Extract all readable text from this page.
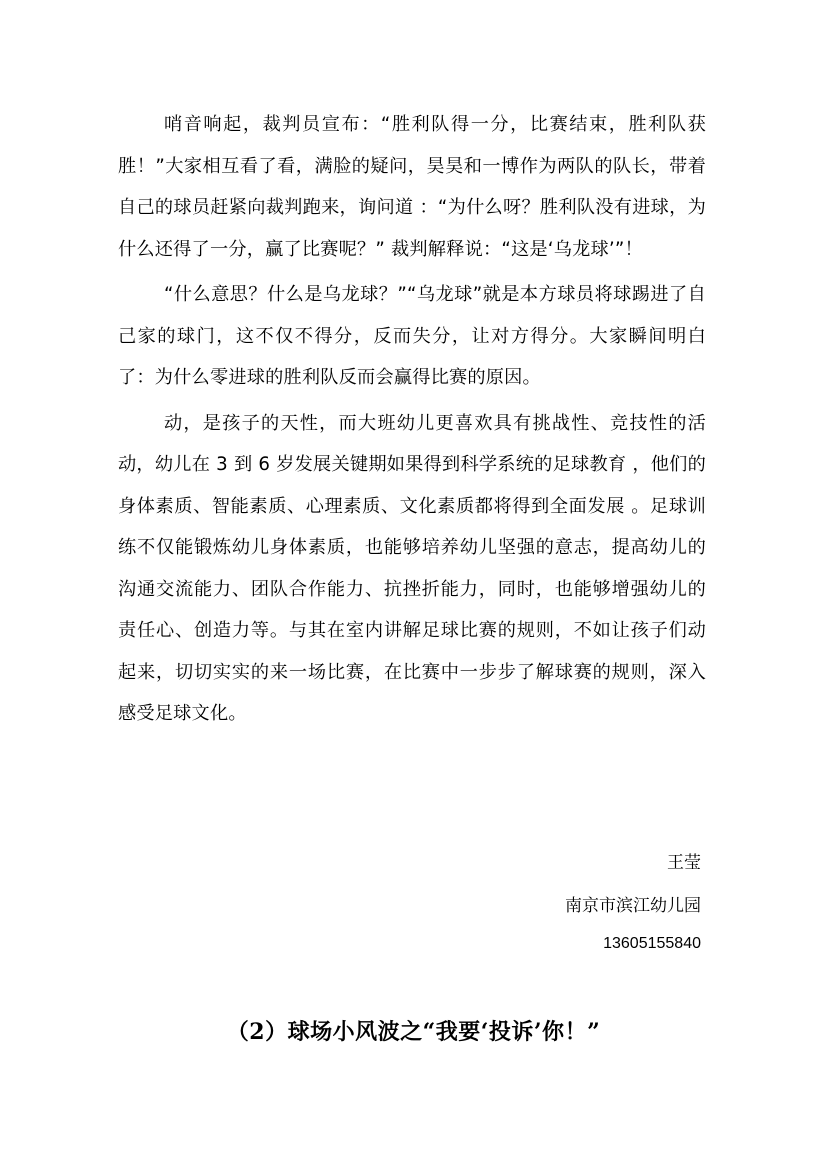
哨音响起，裁判员宣布：“胜利队得一分，比赛结束，胜利队获胜！”大家相互看了看，满脸的疑问，昊昊和一博作为两队的队长，带着自己的球员赶紧向裁判跑来，询问道 ：“为什么呀？胜利队没有进球，为什么还得了一分，赢了比赛呢？” 裁判解释说：“这是‘乌龙球’”！

“什么意思？什么是乌龙球？”“乌龙球”就是本方球员将球踢进了自己家的球门，这不仅不得分，反而失分，让对方得分。大家瞬间明白了：为什么零进球的胜利队反而会赢得比赛的原因。

动，是孩子的天性，而大班幼儿更喜欢具有挑战性、竞技性的活动，幼儿在 3 到 6 岁发展关键期如果得到科学系统的足球教育 ，他们的身体素质、智能素质、心理素质、文化素质都将得到全面发展 。足球训练不仅能锻炼幼儿身体素质，也能够培养幼儿坚强的意志，提高幼儿的沟通交流能力、团队合作能力、抗挫折能力，同时，也能够增强幼儿的责任心、创造力等。与其在室内讲解足球比赛的规则，不如让孩子们动起来，切切实实的来一场比赛，在比赛中一步步了解球赛的规则，深入感受足球文化。

王莹
南京市滨江幼儿园
13605155840
（2）球场小风波之“我要‘投诉’你！”
